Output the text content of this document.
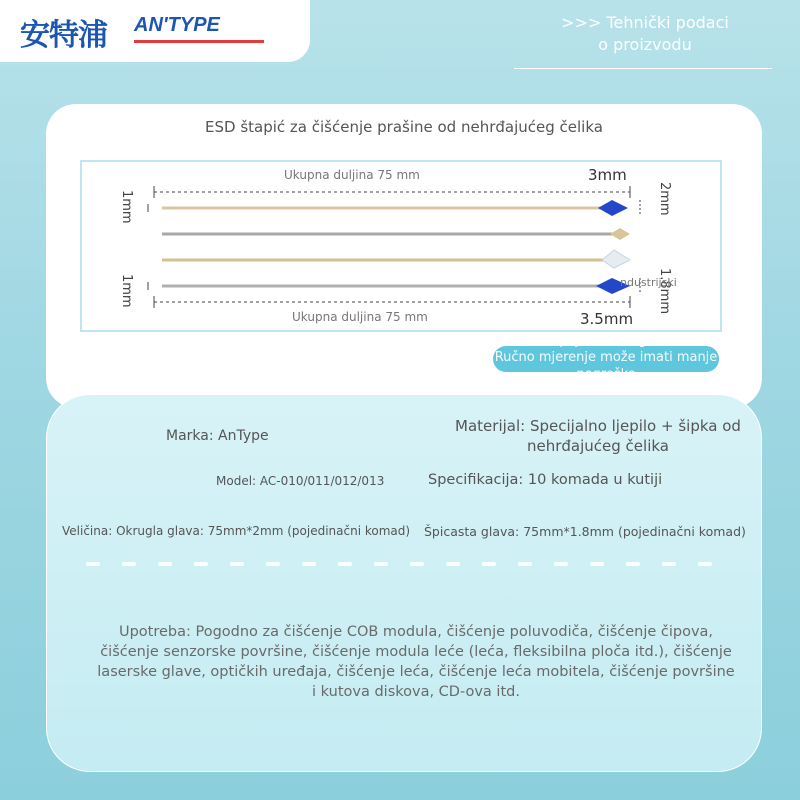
安特浦 AN'TYPE	>>> Tehnički podaci
o proizvodu
ESD štapić za čišćenje prašine od nehrđajućeg čelika
Ukupna duljina 75 mm	3mm
Ukupna duljina 75 mm	3.5mm
1mm
1mm
2mm
1.8mm
ndustrijski
Veličina pojedinačnog komada: Ručno mjerenje može imati manje pogreške
Marka: AnType
Materijal: Specijalno ljepilo + šipka od
nehrđajućeg čelika
Model: AC-010/011/012/013	Specifikacija: 10 komada u kutiji
Veličina: Okrugla glava: 75mm*2mm (pojedinačni komad) Špicasta glava: 75mm*1.8mm (pojedinačni komad)
Upotreba: Pogodno za čišćenje COB modula, čišćenje poluvodiča, čišćenje čipova, čišćenje senzorske površine, čišćenje modula leće (leća, fleksibilna ploča itd.), čišćenje laserske glave, optičkih uređaja, čišćenje leća, čišćenje leća mobitela, čišćenje površine i kutova diskova, CD-ova itd.
